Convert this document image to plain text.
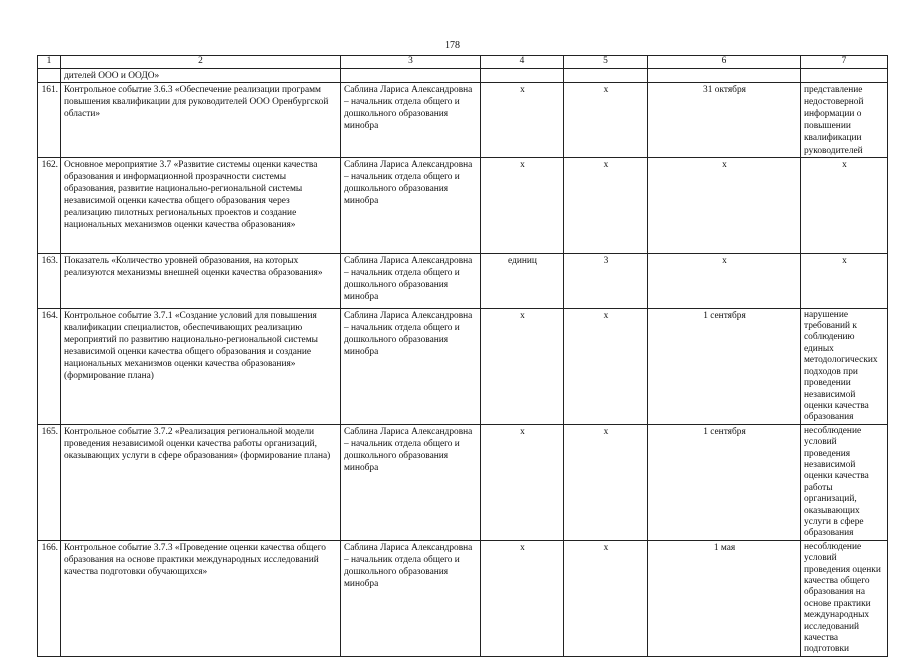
178
1	2	3	4	5	6	7
	дителей ООО и ООДО»					
161.	Контрольное событие 3.6.3 «Обеспечение реализации программ повышения квалификации для руководителей ООО Оренбургской области»	Саблина Лариса Александровна – начальник отдела общего и дошкольного образования минобра	х	х	31 октября	представление недостоверной информации о повышении квалификации руководителей
162.	Основное мероприятие 3.7 «Развитие системы оценки качества образования и информационной прозрачности системы образования, развитие национально-региональной системы независимой оценки качества общего образования через реализацию пилотных региональных проектов и создание национальных механизмов оценки качества образования»	Саблина Лариса Александровна – начальник отдела общего и дошкольного образования минобра	х	х	х	х
163.	Показатель «Количество уровней образования, на которых реализуются механизмы внешней оценки качества образования»	Саблина Лариса Александровна – начальник отдела общего и дошкольного образования минобра	единиц	3	х	х
164.	Контрольное событие 3.7.1 «Создание условий для повышения квалификации специалистов, обеспечивающих реализацию мероприятий по развитию национально-региональной системы независимой оценки качества общего образования и создание национальных механизмов оценки качества образования» (формирование плана)	Саблина Лариса Александровна – начальник отдела общего и дошкольного образования минобра	х	х	1 сентября	нарушение требований к соблюдению единых методологических подходов при проведении независимой оценки качества образования
165.	Контрольное событие 3.7.2 «Реализация региональной модели проведения независимой оценки качества работы организаций, оказывающих услуги в сфере образования» (формирование плана)	Саблина Лариса Александровна – начальник отдела общего и дошкольного образования минобра	х	х	1 сентября	несоблюдение условий проведения независимой оценки качества работы организаций, оказывающих услуги в сфере образования
166.	Контрольное событие 3.7.3 «Проведение оценки качества общего образования на основе практики международных исследований качества подготовки обучающихся»	Саблина Лариса Александровна – начальник отдела общего и дошкольного образования минобра	х	х	1 мая	несоблюдение условий проведения оценки качества общего образования на основе практики международных исследований качества подготовки
